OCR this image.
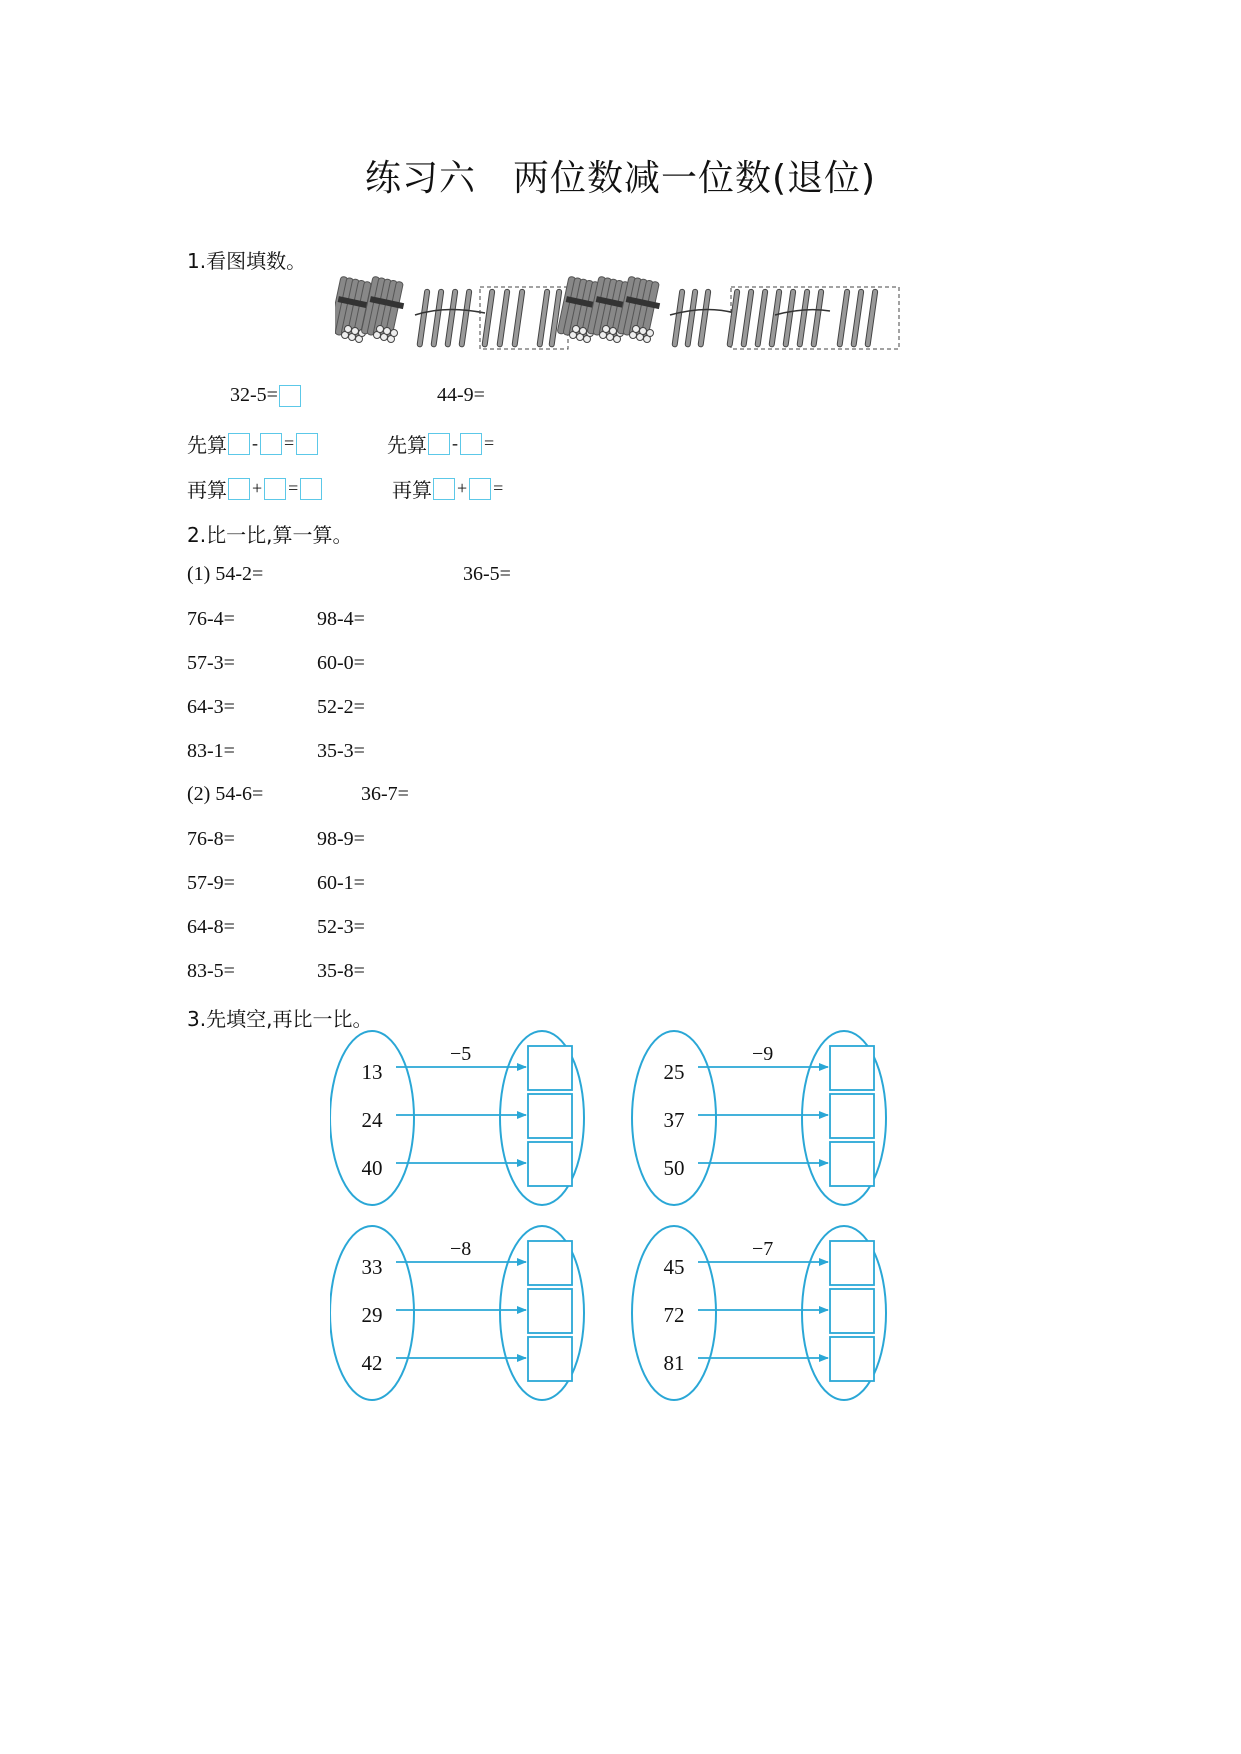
练习六　两位数减一位数(退位)
1.看图填数。
32-5=
先算 - =
再算 + =
44-9=
先算 - =
再算 + =
2.比一比,算一算。
(1) 54-2=	36-5=
76-4=	98-4=
57-3=	60-0=
64-3=	52-2=
83-1=	35-3=
(2) 54-6=	36-7=
76-8=	98-9=
57-9=	60-1=
64-8=	52-3=
83-5=	35-8=
3.先填空,再比一比。
−5
13
24
40
−9
25
37
50
−8
33
29
42
−7
45
72
81
